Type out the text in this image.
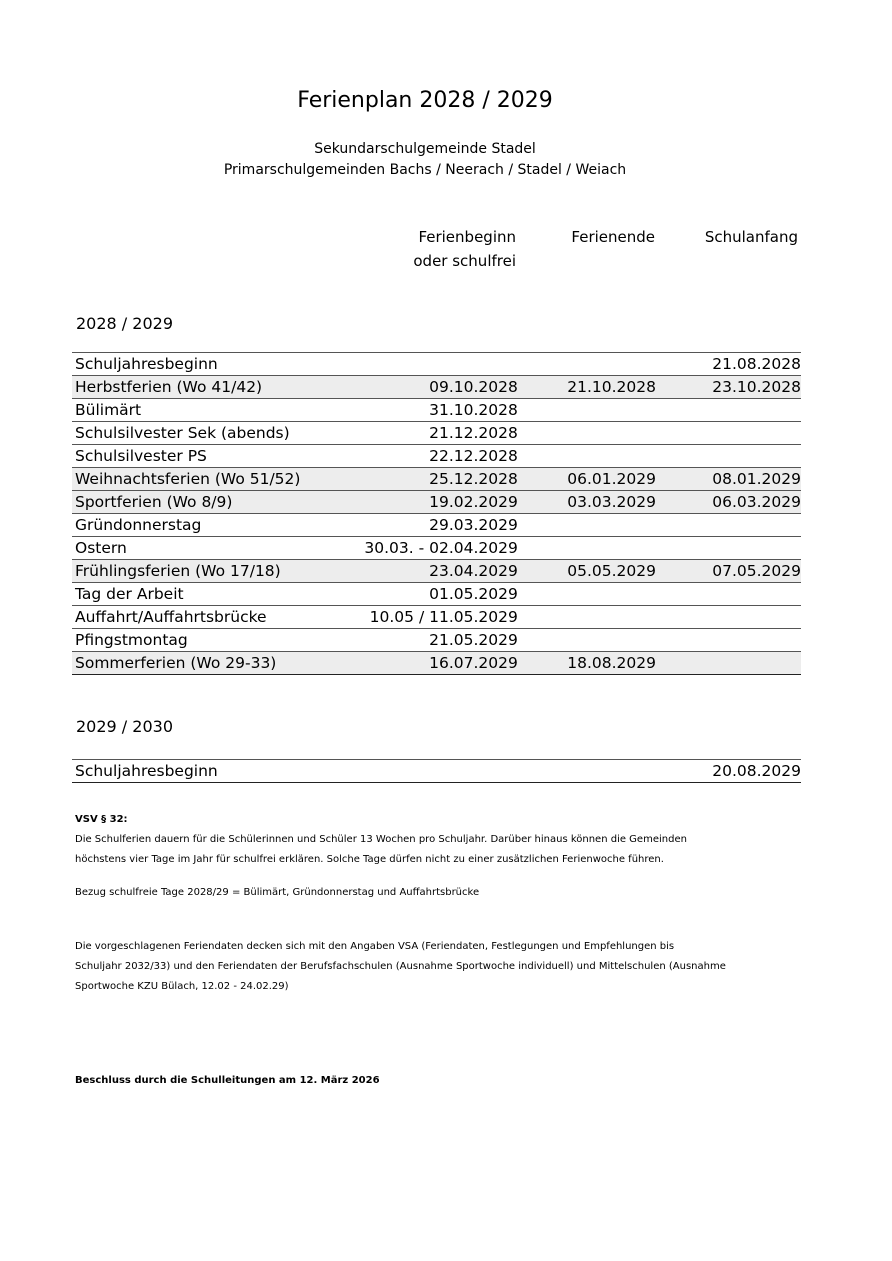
Ferienplan 2028 / 2029
Sekundarschulgemeinde Stadel
Primarschulgemeinden Bachs / Neerach / Stadel / Weiach
Ferienbeginn
oder schulfrei
Ferienende	Schulanfang
2028 / 2029
Schuljahresbeginn			21.08.2028
Herbstferien (Wo 41/42)	09.10.2028	21.10.2028	23.10.2028
Bülimärt	31.10.2028		
Schulsilvester Sek (abends)	21.12.2028		
Schulsilvester PS	22.12.2028		
Weihnachtsferien (Wo 51/52)	25.12.2028	06.01.2029	08.01.2029
Sportferien (Wo 8/9)	19.02.2029	03.03.2029	06.03.2029
Gründonnerstag	29.03.2029		
Ostern	30.03. - 02.04.2029		
Frühlingsferien (Wo 17/18)	23.04.2029	05.05.2029	07.05.2029
Tag der Arbeit	01.05.2029		
Auffahrt/Auffahrtsbrücke	10.05 / 11.05.2029		
Pfingstmontag	21.05.2029		
Sommerferien (Wo 29-33)	16.07.2029	18.08.2029	
2029 / 2030
Schuljahresbeginn			20.08.2029
VSV § 32:
Die Schulferien dauern für die Schülerinnen und Schüler 13 Wochen pro Schuljahr. Darüber hinaus können die Gemeinden
höchstens vier Tage im Jahr für schulfrei erklären. Solche Tage dürfen nicht zu einer zusätzlichen Ferienwoche führen.
Bezug schulfreie Tage 2028/29 = Bülimärt, Gründonnerstag und Auffahrtsbrücke
Die vorgeschlagenen Feriendaten decken sich mit den Angaben VSA (Feriendaten, Festlegungen und Empfehlungen bis
Schuljahr 2032/33) und den Feriendaten der Berufsfachschulen (Ausnahme Sportwoche individuell) und Mittelschulen (Ausnahme
Sportwoche KZU Bülach, 12.02 - 24.02.29)
Beschluss durch die Schulleitungen am 12. März 2026
